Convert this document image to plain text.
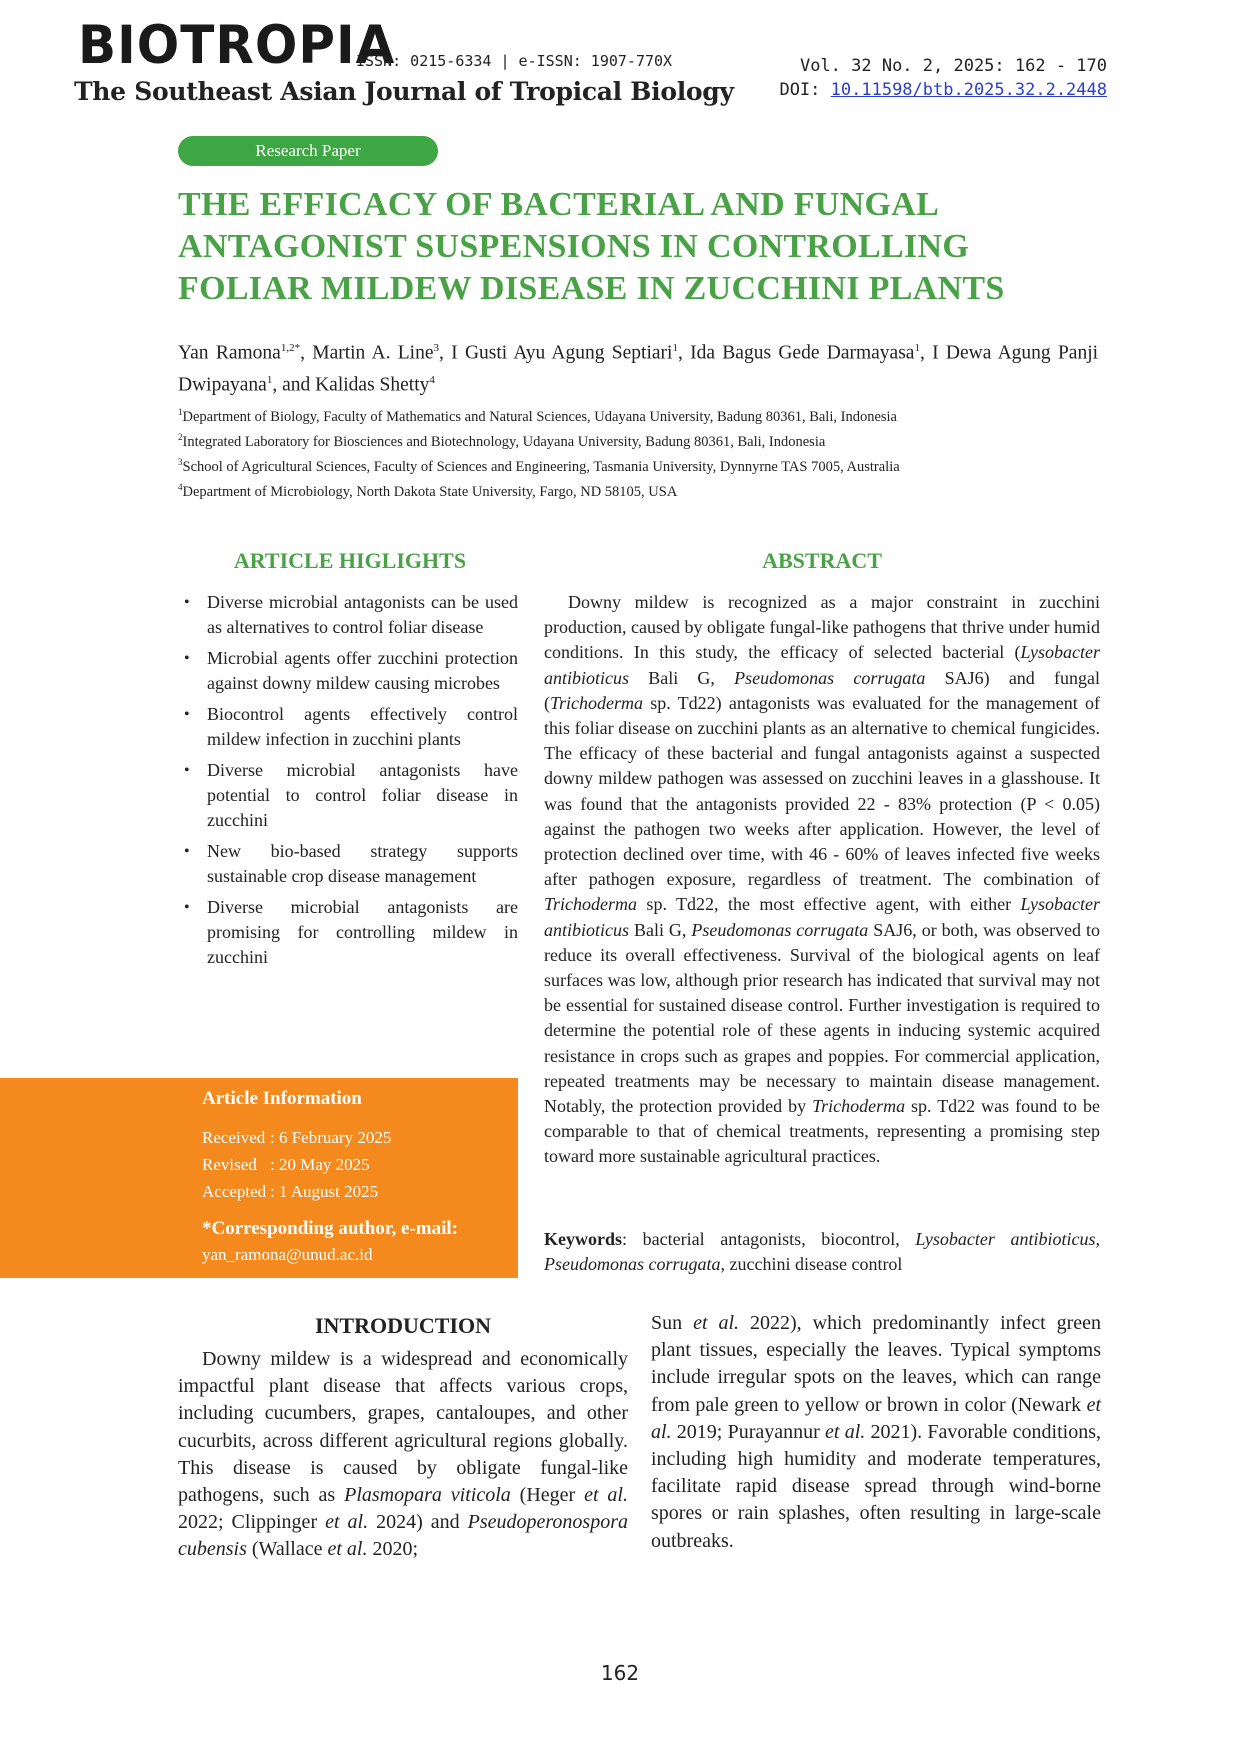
BIOTROPIA
ISSN: 0215-6334 | e-ISSN: 1907-770X
The Southeast Asian Journal of Tropical Biology
Vol. 32 No. 2, 2025: 162 - 170
DOI: 10.11598/btb.2025.32.2.2448
Research Paper
THE EFFICACY OF BACTERIAL AND FUNGAL ANTAGONIST SUSPENSIONS IN CONTROLLING FOLIAR MILDEW DISEASE IN ZUCCHINI PLANTS
Yan Ramona$^{1,2*}$, Martin A. Line$^3$, I Gusti Ayu Agung Septiari$^1$, Ida Bagus Gede Darmayasa$^1$, I Dewa Agung Panji Dwipayana$^1$, and Kalidas Shetty$^4$
$^1$Department of Biology, Faculty of Mathematics and Natural Sciences, Udayana University, Badung 80361, Bali, Indonesia
$^2$Integrated Laboratory for Biosciences and Biotechnology, Udayana University, Badung 80361, Bali, Indonesia
$^3$School of Agricultural Sciences, Faculty of Sciences and Engineering, Tasmania University, Dynnyrne TAS 7005, Australia
$^4$Department of Microbiology, North Dakota State University, Fargo, ND 58105, USA
ARTICLE HIGLIGHTS
• Diverse microbial antagonists can be used as alternatives to control foliar disease
• Microbial agents offer zucchini protection against downy mildew causing microbes
• Biocontrol agents effectively control mildew infection in zucchini plants
• Diverse microbial antagonists have potential to control foliar disease in zucchini
• New bio-based strategy supports sustainable crop disease management
• Diverse microbial antagonists are promising for controlling mildew in zucchini
ABSTRACT

Downy mildew is recognized as a major constraint in zucchini production, caused by obligate fungal-like pathogens that thrive under humid conditions. In this study, the efficacy of selected bacterial (Lysobacter antibioticus Bali G, Pseudomonas corrugata SAJ6) and fungal (Trichoderma sp. Td22) antagonists was evaluated for the management of this foliar disease on zucchini plants as an alternative to chemical fungicides. The efficacy of these bacterial and fungal antagonists against a suspected downy mildew pathogen was assessed on zucchini leaves in a glasshouse. It was found that the antagonists provided 22 - 83% protection (P < 0.05) against the pathogen two weeks after application. However, the level of protection declined over time, with 46 - 60% of leaves infected five weeks after pathogen exposure, regardless of treatment. The combination of Trichoderma sp. Td22, the most effective agent, with either Lysobacter antibioticus Bali G, Pseudomonas corrugata SAJ6, or both, was observed to reduce its overall effectiveness. Survival of the biological agents on leaf surfaces was low, although prior research has indicated that survival may not be essential for sustained disease control. Further investigation is required to determine the potential role of these agents in inducing systemic acquired resistance in crops such as grapes and poppies. For commercial application, repeated treatments may be necessary to maintain disease management. Notably, the protection provided by Trichoderma sp. Td22 was found to be comparable to that of chemical treatments, representing a promising step toward more sustainable agricultural practices.

Keywords: bacterial antagonists, biocontrol, Lysobacter antibioticus, Pseudomonas corrugata, zucchini disease control
Article Information
Received : 6 February 2025
Revised : 20 May 2025
Accepted : 1 August 2025
*Corresponding author, e-mail:
yan_ramona@unud.ac.id
INTRODUCTION

Downy mildew is a widespread and economically impactful plant disease that affects various crops, including cucumbers, grapes, cantaloupes, and other cucurbits, across different agricultural regions globally. This disease is caused by obligate fungal-like pathogens, such as Plasmopara viticola (Heger et al. 2022; Clippinger et al. 2024) and Pseudoperonospora cubensis (Wallace et al. 2020;

Sun et al. 2022), which predominantly infect green plant tissues, especially the leaves. Typical symptoms include irregular spots on the leaves, which can range from pale green to yellow or brown in color (Newark et al. 2019; Purayannur et al. 2021). Favorable conditions, including high humidity and moderate temperatures, facilitate rapid disease spread through wind-borne spores or rain splashes, often resulting in large-scale outbreaks.

162
